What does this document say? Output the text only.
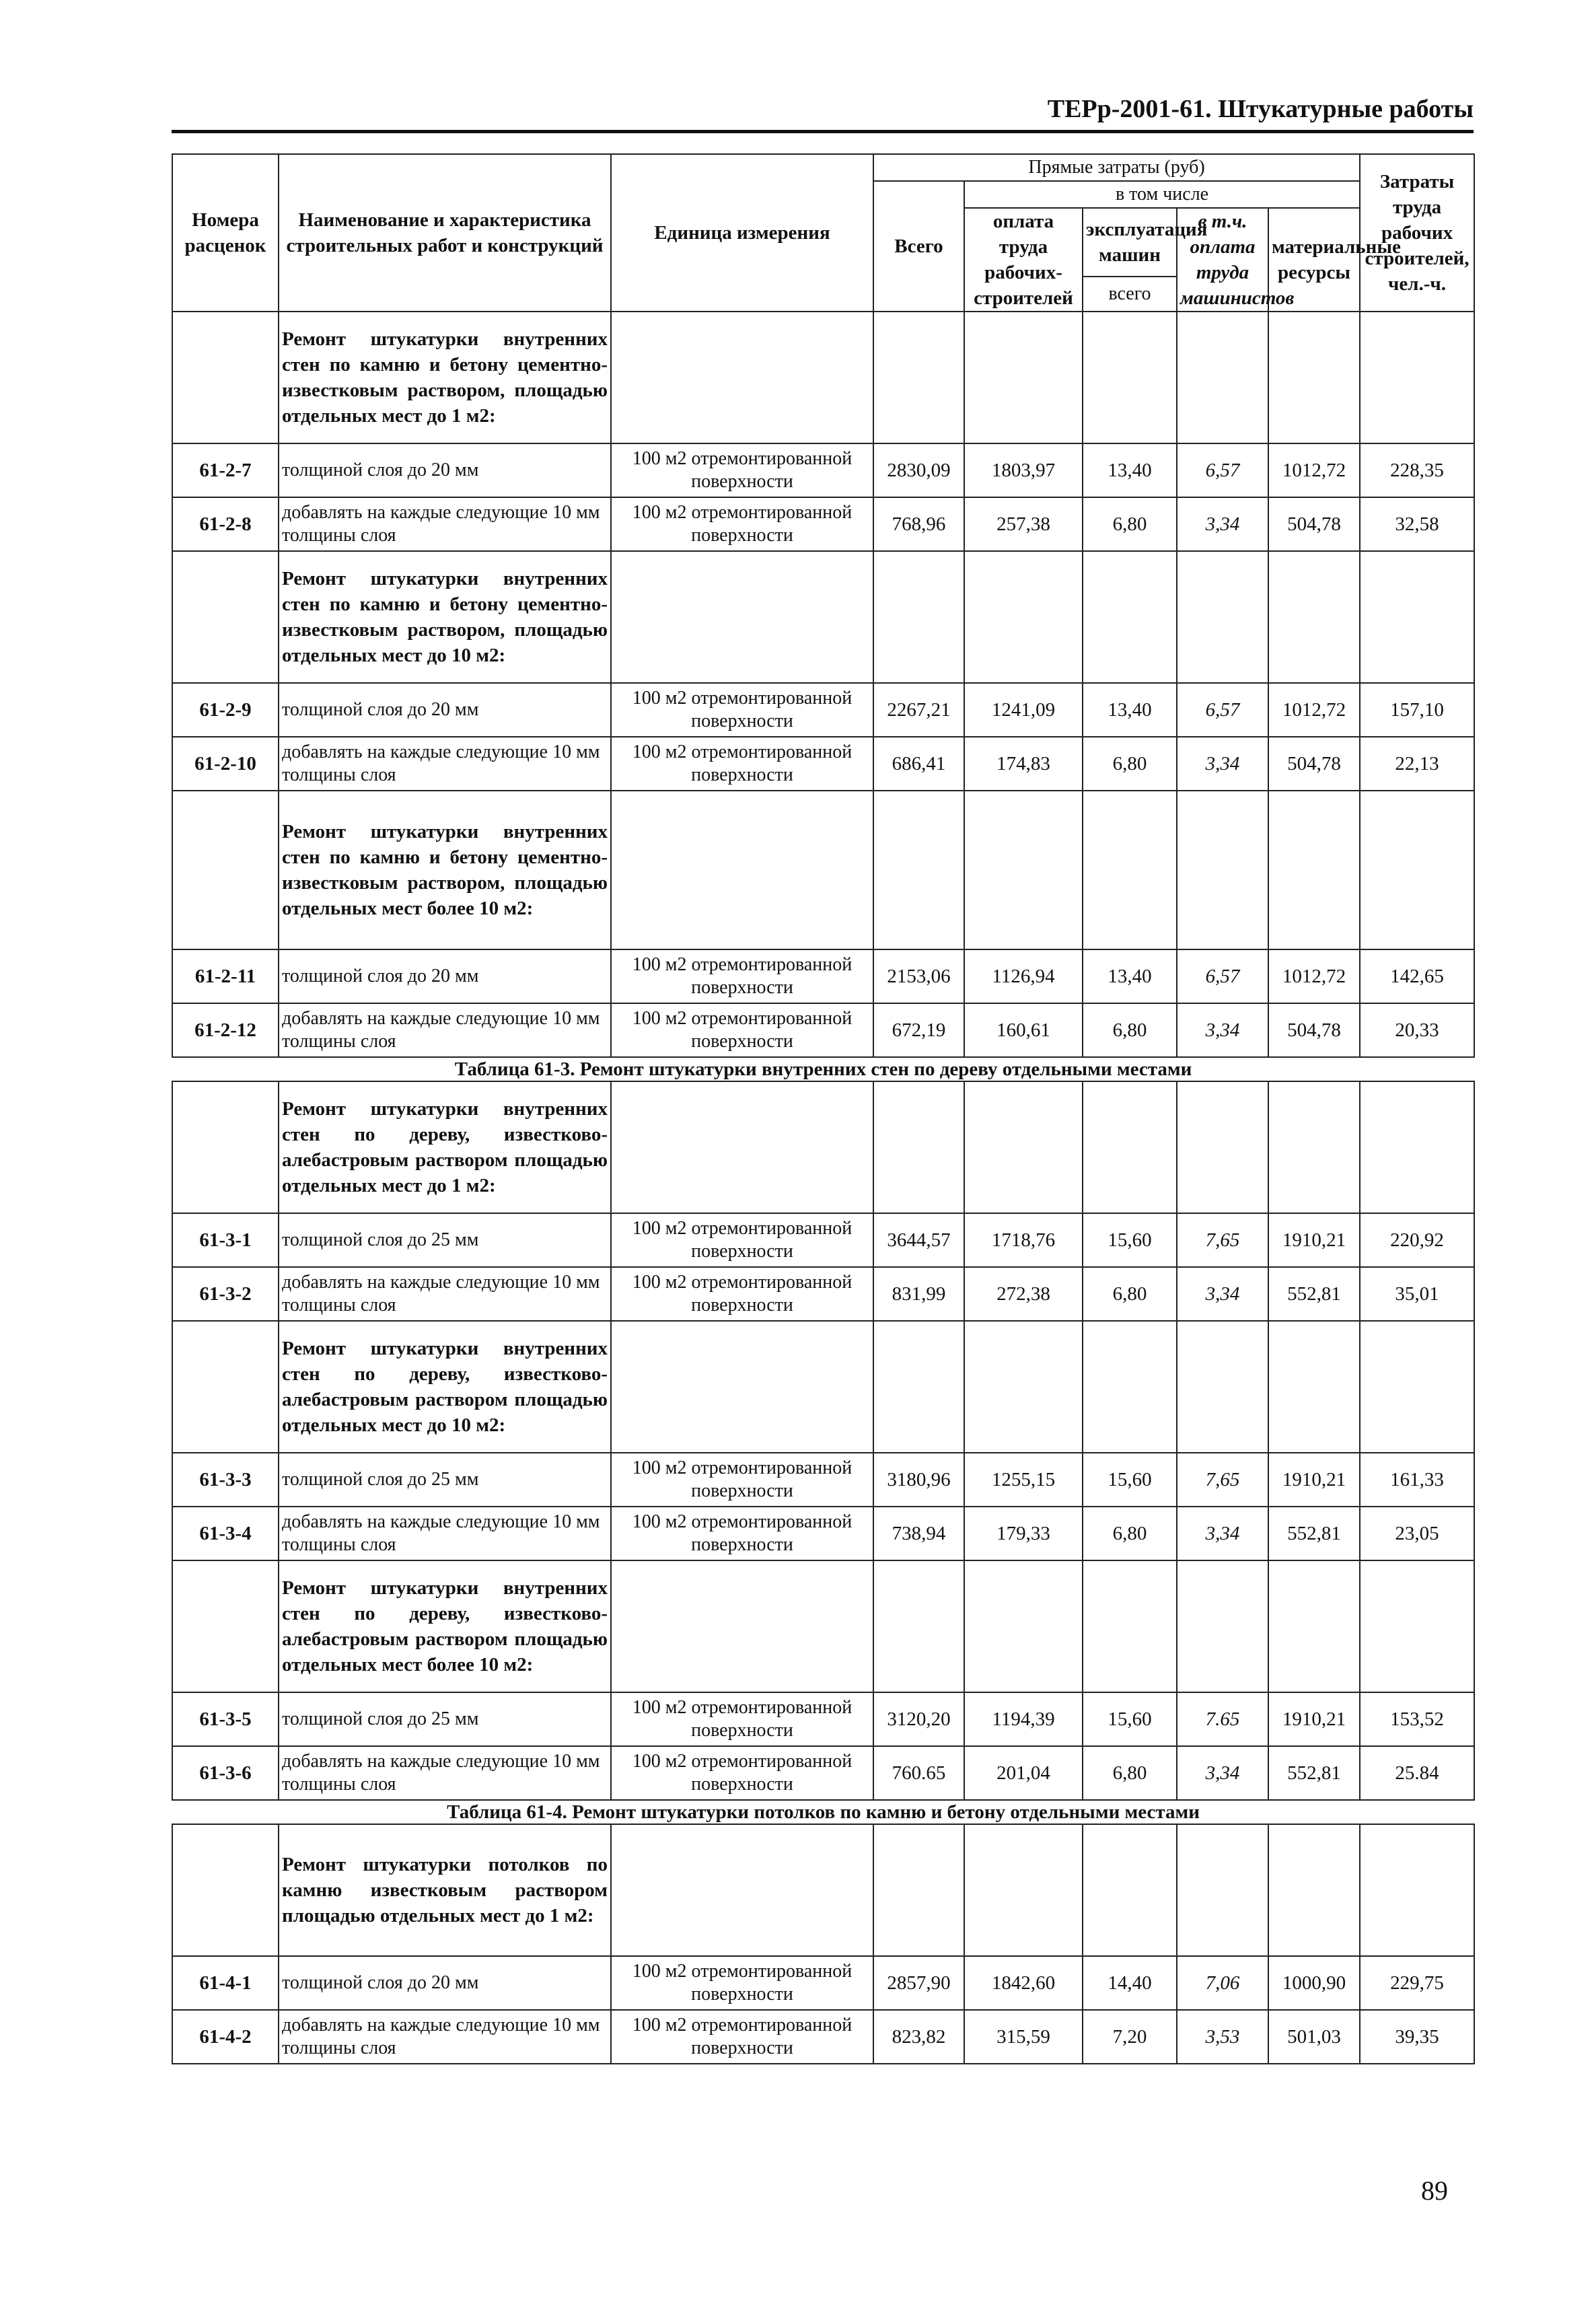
ТЕРр-2001-61. Штукатурные работы
Номера расценок	Наименование и характеристика строительных работ и конструкций	Единица измерения	Прямые затраты (руб)					Затраты труда рабочих строителей, чел.-ч.
			Всего	в том числе				
				оплата труда рабочих-строителей	эксплуатация машин	в т.ч. оплата труда машинистов	материальные ресурсы	
					всего			
	Ремонт штукатурки внутренних стен по камню и бетону цементно-известковым раствором, площадью отдельных мест до 1 м2:							
61-2-7	толщиной слоя до 20 мм	100 м2 отремонтированной поверхности	2830,09	1803,97	13,40	6,57	1012,72	228,35
61-2-8	добавлять на каждые следующие 10 мм толщины слоя	100 м2 отремонтированной поверхности	768,96	257,38	6,80	3,34	504,78	32,58
	Ремонт штукатурки внутренних стен по камню и бетону цементно-известковым раствором, площадью отдельных мест до 10 м2:							
61-2-9	толщиной слоя до 20 мм	100 м2 отремонтированной поверхности	2267,21	1241,09	13,40	6,57	1012,72	157,10
61-2-10	добавлять на каждые следующие 10 мм толщины слоя	100 м2 отремонтированной поверхности	686,41	174,83	6,80	3,34	504,78	22,13
	Ремонт штукатурки внутренних стен по камню и бетону цементно-известковым раствором, площадью отдельных мест более 10 м2:							
61-2-11	толщиной слоя до 20 мм	100 м2 отремонтированной поверхности	2153,06	1126,94	13,40	6,57	1012,72	142,65
61-2-12	добавлять на каждые следующие 10 мм толщины слоя	100 м2 отремонтированной поверхности	672,19	160,61	6,80	3,34	504,78	20,33
Таблица 61-3. Ремонт штукатурки внутренних стен по дереву отдельными местами								
	Ремонт штукатурки внутренних стен по дереву, известково-алебастровым раствором площадью отдельных мест до 1 м2:							
61-3-1	толщиной слоя до 25 мм	100 м2 отремонтированной поверхности	3644,57	1718,76	15,60	7,65	1910,21	220,92
61-3-2	добавлять на каждые следующие 10 мм толщины слоя	100 м2 отремонтированной поверхности	831,99	272,38	6,80	3,34	552,81	35,01
	Ремонт штукатурки внутренних стен по дереву, известково-алебастровым раствором площадью отдельных мест до 10 м2:							
61-3-3	толщиной слоя до 25 мм	100 м2 отремонтированной поверхности	3180,96	1255,15	15,60	7,65	1910,21	161,33
61-3-4	добавлять на каждые следующие 10 мм толщины слоя	100 м2 отремонтированной поверхности	738,94	179,33	6,80	3,34	552,81	23,05
	Ремонт штукатурки внутренних стен по дереву, известково-алебастровым раствором площадью отдельных мест более 10 м2:							
61-3-5	толщиной слоя до 25 мм	100 м2 отремонтированной поверхности	3120,20	1194,39	15,60	7.65	1910,21	153,52
61-3-6	добавлять на каждые следующие 10 мм толщины слоя	100 м2 отремонтированной поверхности	760.65	201,04	6,80	3,34	552,81	25.84
Таблица 61-4. Ремонт штукатурки потолков по камню и бетону отдельными местами								
	Ремонт штукатурки потолков по камню известковым раствором площадью отдельных мест до 1 м2:							
61-4-1	толщиной слоя до 20 мм	100 м2 отремонтированной поверхности	2857,90	1842,60	14,40	7,06	1000,90	229,75
61-4-2	добавлять на каждые следующие 10 мм толщины слоя	100 м2 отремонтированной поверхности	823,82	315,59	7,20	3,53	501,03	39,35
89
